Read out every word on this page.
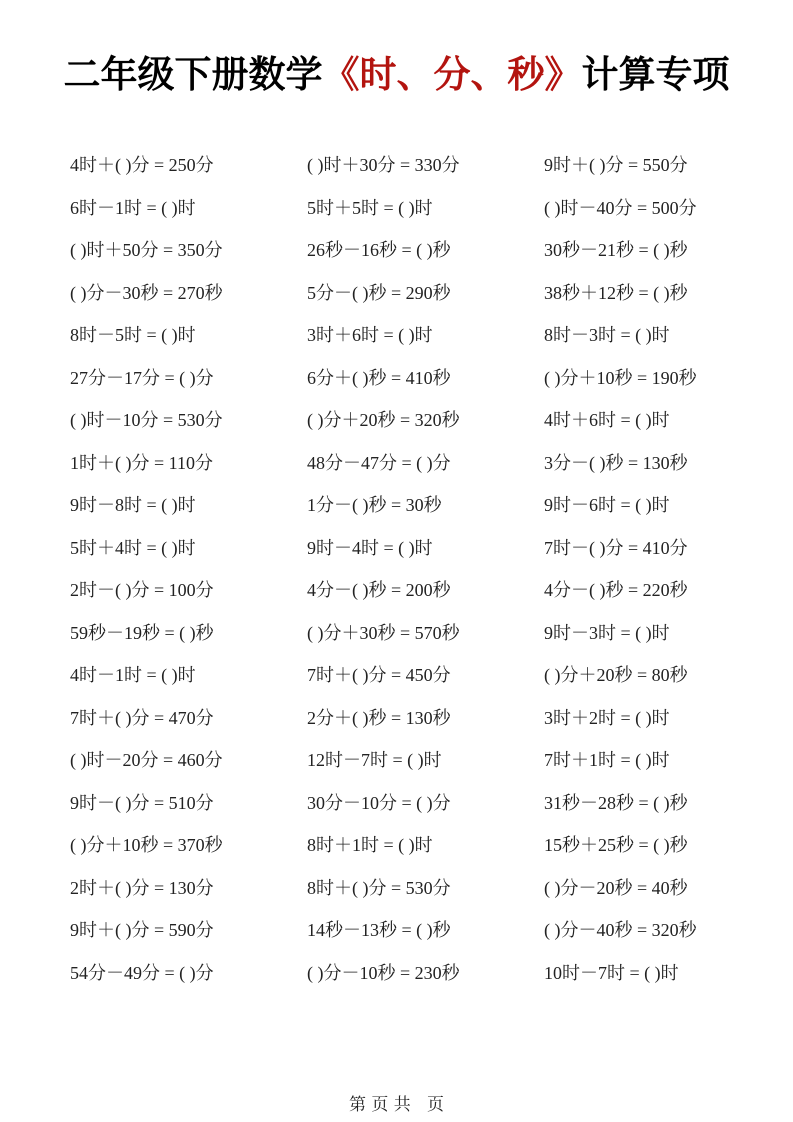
二年级下册数学《时、分、秒》计算专项
4时＋( )分 = 250分	( )时＋30分 = 330分	9时＋( )分 = 550分
6时－1时 = ( )时	5时＋5时 = ( )时	( )时－40分 = 500分
( )时＋50分 = 350分	26秒－16秒 = ( )秒	30秒－21秒 = ( )秒
( )分－30秒 = 270秒	5分－( )秒 = 290秒	38秒＋12秒 = ( )秒
8时－5时 = ( )时	3时＋6时 = ( )时	8时－3时 = ( )时
27分－17分 = ( )分	6分＋( )秒 = 410秒	( )分＋10秒 = 190秒
( )时－10分 = 530分	( )分＋20秒 = 320秒	4时＋6时 = ( )时
1时＋( )分 = 110分	48分－47分 = ( )分	3分－( )秒 = 130秒
9时－8时 = ( )时	1分－( )秒 = 30秒	9时－6时 = ( )时
5时＋4时 = ( )时	9时－4时 = ( )时	7时－( )分 = 410分
2时－( )分 = 100分	4分－( )秒 = 200秒	4分－( )秒 = 220秒
59秒－19秒 = ( )秒	( )分＋30秒 = 570秒	9时－3时 = ( )时
4时－1时 = ( )时	7时＋( )分 = 450分	( )分＋20秒 = 80秒
7时＋( )分 = 470分	2分＋( )秒 = 130秒	3时＋2时 = ( )时
( )时－20分 = 460分	12时－7时 = ( )时	7时＋1时 = ( )时
9时－( )分 = 510分	30分－10分 = ( )分	31秒－28秒 = ( )秒
( )分＋10秒 = 370秒	8时＋1时 = ( )时	15秒＋25秒 = ( )秒
2时＋( )分 = 130分	8时＋( )分 = 530分	( )分－20秒 = 40秒
9时＋( )分 = 590分	14秒－13秒 = ( )秒	( )分－40秒 = 320秒
54分－49分 = ( )分	( )分－10秒 = 230秒	10时－7时 = ( )时
第 页 共   页
